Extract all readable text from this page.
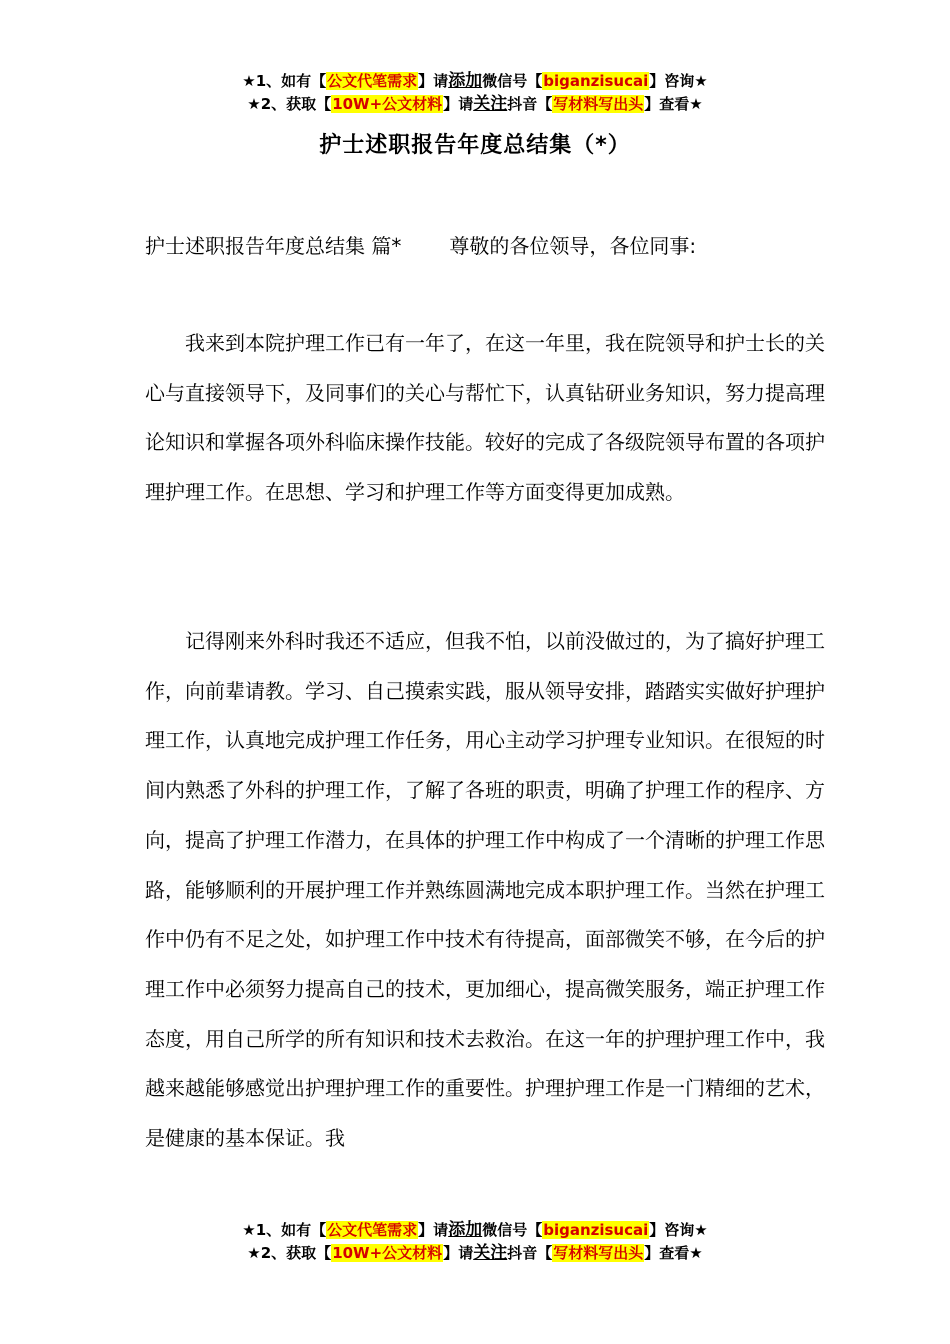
★1、如有【公文代笔需求】请添加微信号【biganzisucai】咨询★
★2、获取【10W+公文材料】请关注抖音【写材料写出头】查看★
护士述职报告年度总结集（*）
护士述职报告年度总结集 篇* 尊敬的各位领导，各位同事:

我来到本院护理工作已有一年了，在这一年里，我在院领导和护士长的关心与直接领导下，及同事们的关心与帮忙下，认真钻研业务知识，努力提高理论知识和掌握各项外科临床操作技能。较好的完成了各级院领导布置的各项护理护理工作。在思想、学习和护理工作等方面变得更加成熟。

记得刚来外科时我还不适应，但我不怕，以前没做过的，为了搞好护理工作，向前辈请教。学习、自己摸索实践，服从领导安排，踏踏实实做好护理护理工作，认真地完成护理工作任务，用心主动学习护理专业知识。在很短的时间内熟悉了外科的护理工作，了解了各班的职责，明确了护理工作的程序、方向，提高了护理工作潜力，在具体的护理工作中构成了一个清晰的护理工作思路，能够顺利的开展护理工作并熟练圆满地完成本职护理工作。当然在护理工作中仍有不足之处，如护理工作中技术有待提高，面部微笑不够，在今后的护理工作中必须努力提高自己的技术，更加细心，提高微笑服务，端正护理工作态度，用自己所学的所有知识和技术去救治。在这一年的护理护理工作中，我越来越能够感觉出护理护理工作的重要性。护理护理工作是一门精细的艺术，是健康的基本保证。我

★1、如有【公文代笔需求】请添加微信号【biganzisucai】咨询★
★2、获取【10W+公文材料】请关注抖音【写材料写出头】查看★
